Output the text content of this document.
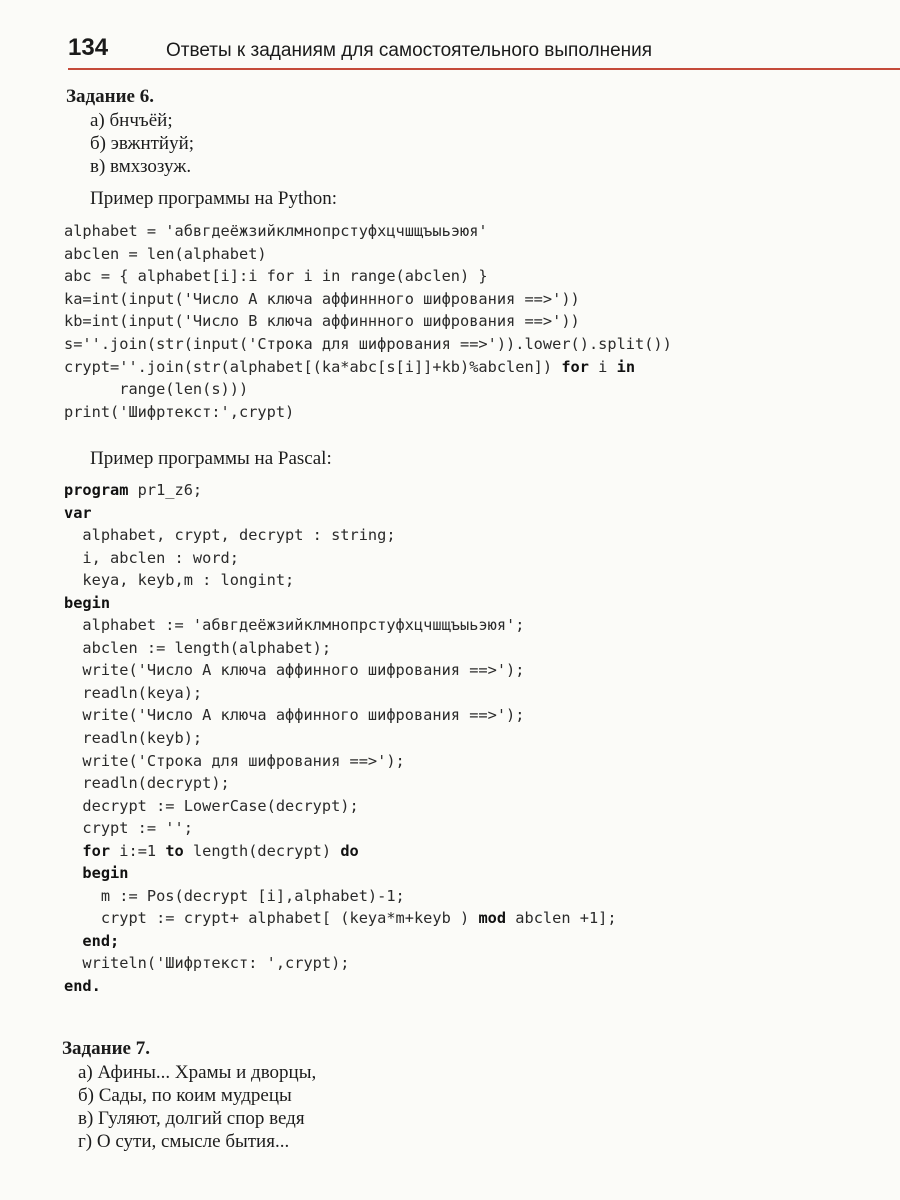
134	Ответы к заданиям для самостоятельного выполнения
Задание 6.
а) бнчъёй;
б) эвжнтйуй;
в) вмхзозуж.
Пример программы на Python:
alphabet = 'абвгдеёжзийклмнопрстуфхцчшщъыьэюя'
abclen = len(alphabet)
abc = { alphabet[i]:i for i in range(abclen) }
ka=int(input('Число А ключа аффиннного шифрования ==>'))
kb=int(input('Число В ключа аффиннного шифрования ==>'))
s=''.join(str(input('Строка для шифрования ==>')).lower().split())
crypt=''.join(str(alphabet[(ka*abc[s[i]]+kb)%abclen]) for i in
range(len(s)))
print('Шифртекст:',crypt)
Пример программы на Pascal:
program pr1_z6;
var
alphabet, crypt, decrypt : string;
i, abclen : word;
keya, keyb,m : longint;
begin
alphabet := 'абвгдеёжзийклмнопрстуфхцчшщъыьэюя';
abclen := length(alphabet);
write('Число А ключа аффинного шифрования ==>');
readln(keya);
write('Число А ключа аффинного шифрования ==>');
readln(keyb);
write('Строка для шифрования ==>');
readln(decrypt);
decrypt := LowerCase(decrypt);
crypt := '';
for i:=1 to length(decrypt) do
begin
m := Pos(decrypt [i],alphabet)-1;
crypt := crypt+ alphabet[ (keya*m+keyb ) mod abclen +1];
end;
writeln('Шифртекст: ',crypt);
end.
Задание 7.
а) Афины... Храмы и дворцы,
б) Сады, по коим мудрецы
в) Гуляют, долгий спор ведя
г) О сути, смысле бытия...
